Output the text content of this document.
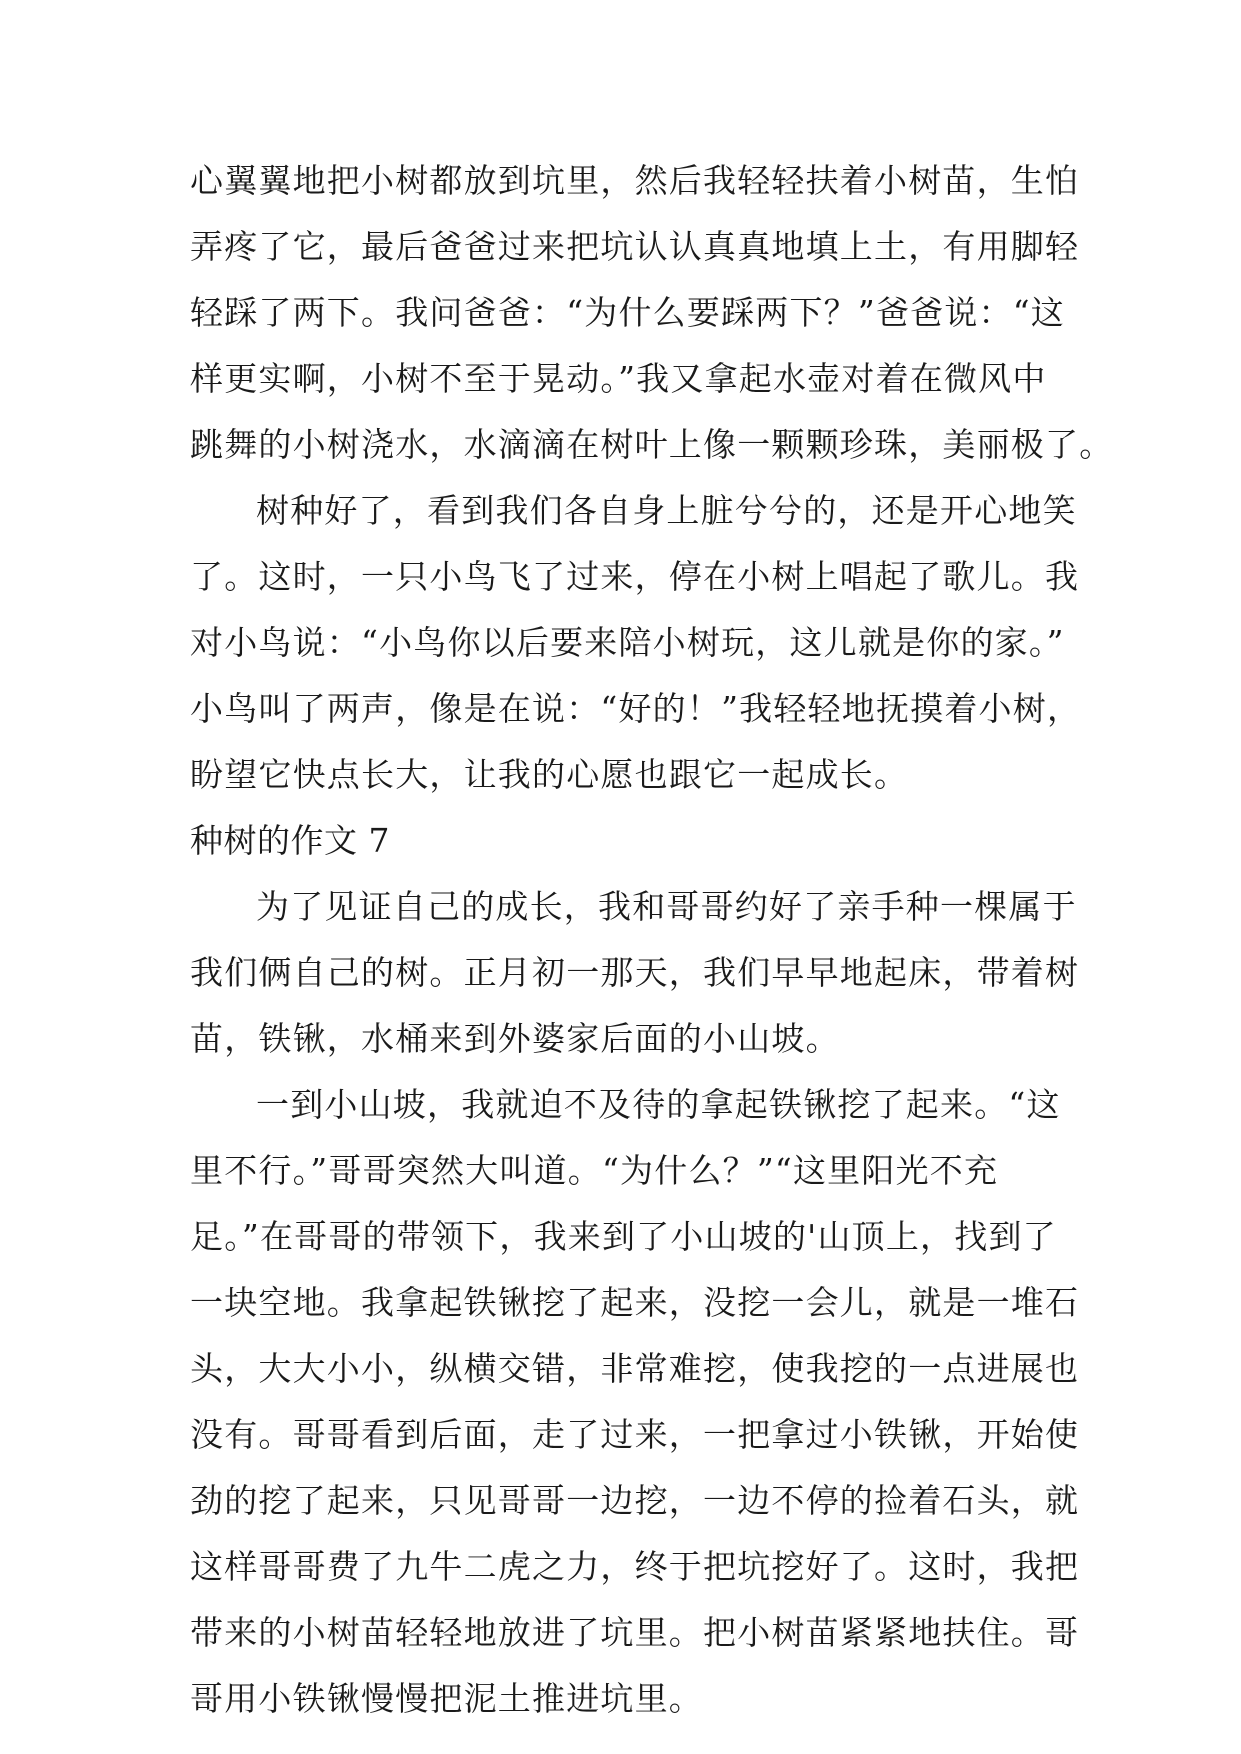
心翼翼地把小树都放到坑里，然后我轻轻扶着小树苗，生怕
弄疼了它，最后爸爸过来把坑认认真真地填上土，有用脚轻
轻踩了两下。我问爸爸：“为什么要踩两下？”爸爸说：“这
样更实啊，小树不至于晃动。”我又拿起水壶对着在微风中
跳舞的小树浇水，水滴滴在树叶上像一颗颗珍珠，美丽极了。
树种好了，看到我们各自身上脏兮兮的，还是开心地笑
了。这时，一只小鸟飞了过来，停在小树上唱起了歌儿。我
对小鸟说：“小鸟你以后要来陪小树玩，这儿就是你的家。”
小鸟叫了两声，像是在说：“好的！”我轻轻地抚摸着小树，
盼望它快点长大，让我的心愿也跟它一起成长。
种树的作文 7
为了见证自己的成长，我和哥哥约好了亲手种一棵属于
我们俩自己的树。正月初一那天，我们早早地起床，带着树
苗，铁锹，水桶来到外婆家后面的小山坡。
一到小山坡，我就迫不及待的拿起铁锹挖了起来。“这
里不行。”哥哥突然大叫道。“为什么？”“这里阳光不充
足。”在哥哥的带领下，我来到了小山坡的'山顶上，找到了
一块空地。我拿起铁锹挖了起来，没挖一会儿，就是一堆石
头，大大小小，纵横交错，非常难挖，使我挖的一点进展也
没有。哥哥看到后面，走了过来，一把拿过小铁锹，开始使
劲的挖了起来，只见哥哥一边挖，一边不停的捡着石头，就
这样哥哥费了九牛二虎之力，终于把坑挖好了。这时，我把
带来的小树苗轻轻地放进了坑里。把小树苗紧紧地扶住。哥
哥用小铁锹慢慢把泥土推进坑里。
